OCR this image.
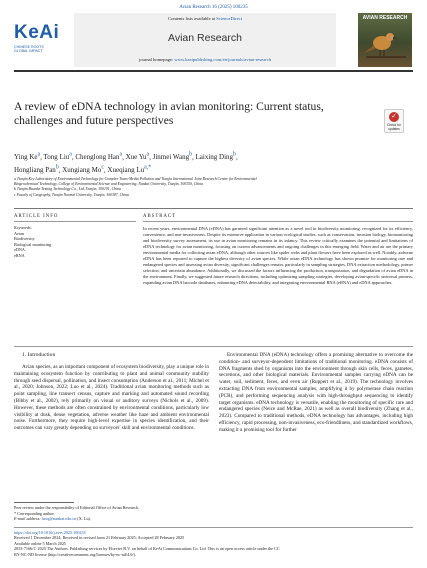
Avian Research 16 (2025) 100235
Contents lists available at ScienceDirect
Avian Research
journal homepage: www.keaipublishing.com/en/journals/avian-research
KeAi
CHINESE ROOTS
GLOBAL IMPACT
AVIAN RESEARCH
A review of eDNA technology in avian monitoring: Current status,
challenges and future perspectives	✓
Check for updates
Ying Ke$^a$, Tong Liu$^a$, Chenglong Han$^a$, Xue Yu$^a$, Jinmei Wang$^b$, Laixing Ding$^b$,
Hongliang Pan$^b$, Xungiang Mo$^c$, Xueqiang $Lu^{a,*}$
a Tianjin Key Laboratory of Environmental Technology for Complex Trans-Media Pollution and Tianjin International Joint Research Center for Environmental
Biogeochemical Technology, College of Environmental Science and Engineering, Nankai University, Tianjin, 300350, China
b Tianjin Huanke Testing Technology Co., Ltd, Tianjin, 300191, China
c Faculty of Geography, Tianjin Normal University, Tianjin, 300387, China
ARTICLE INFO	ABSTRACT
Keywords:
Avian
Biodiversity
Biological monitoring
eDNA
eRNA
In recent years, environmental DNA (eDNA) has garnered significant attention as a novel tool in biodiversity monitoring, recognized for its efficiency, convenience, and non-invasiveness. Despite its extensive application in various ecological studies, such as conservation, invasion biology, biomonitoring and biodiversity survey assessment, its use in avian monitoring remains in its infancy. This review critically examines the potential and limitations of eDNA technology for avian monitoring, focusing on current advancements and ongoing challenges in this emerging field. Water and air are the primary environmental media for collecting avian eDNA, although other sources like spider webs and plant flowers have been explored as well. Notably, airborne eDNA has been reported to capture the highest diversity of avian species. While avian eDNA technology has shown promise for monitoring rare and endangered species and assessing avian diversity, significant challenges remain, particularly in sampling strategies, DNA extraction methodology, primer selection, and uncertain abundance. Additionally, we discussed the factors influencing the production, transportation, and degradation of avian eDNA in the environment. Finally, we suggested future research directions, including optimizing sampling strategies, developing avian-specific universal primers, expanding avian DNA barcode databases, enhancing eDNA detectability, and integrating environmental RNA (eRNA) and eDNA approaches.
1. Introduction

Avian species, as an important component of ecosystem biodiversity, play a unique role in maintaining ecosystem function by contributing to plant and animal community stability through seed dispersal, pollination, and insect consumption (Anderson et al., 2011; Michel et al., 2020; Johnson, 2022; Luo et al., 2024). Traditional avian monitoring methods such as point sampling, line transect census, capture and marking and automated sound recording (Bibby et al., 2002), rely primarily on visual or auditory surveys (Nichols et al., 2009). However, these methods are often constrained by environmental conditions, particularly low visibility at dusk, dense vegetation, adverse weather like haze and ambient environmental noise. Furthermore, they require high-level expertise in species identification, and their outcomes can vary greatly depending on surveyors' skill and environmental conditions.

Environmental DNA (eDNA) technology offers a promising alternative to overcome the condition- and surveyor-dependent limitations of traditional monitoring. eDNA consists of DNA fragments shed by organisms into the environment through skin cells, feces, gametes, secretions, and other biological materials. Environmental samples carrying eDNA can be water, soil, sediment, feces, and even air (Ruppert et al., 2019). The technology involves extracting DNA from environmental samples, amplifying it by polymerase chain reaction (PCR), and performing sequencing analysis with high-throughput sequencing to identify target organisms. eDNA technology is versatile, enabling the monitoring of specific rare and endangered species (Neice and McRae, 2021) as well as overall biodiversity (Zhang et al., 2023). Compared to traditional methods, eDNA technology has advantages, including high efficiency, rapid processing, non-invasiveness, eco-friendliness, and standardized workflows, making it a promising tool for further

Peer review under the responsibility of Editorial Office of Avian Research.
* Corresponding author.
E-mail address: luxq@nankai.edu.cn (X. Lu).
https://doi.org/10.1016/j.avrs.2025.100235
Received 1 December 2024; Received in revised form 21 February 2025; Accepted 28 February 2025
Available online 5 March 2025
2053-7166/© 2025 The Authors. Publishing services by Elsevier B.V. on behalf of KeAi Communications Co. Ltd. This is an open access article under the CC
BY-NC-ND license (http://creativecommons.org/licenses/by-nc-nd/4.0/).
